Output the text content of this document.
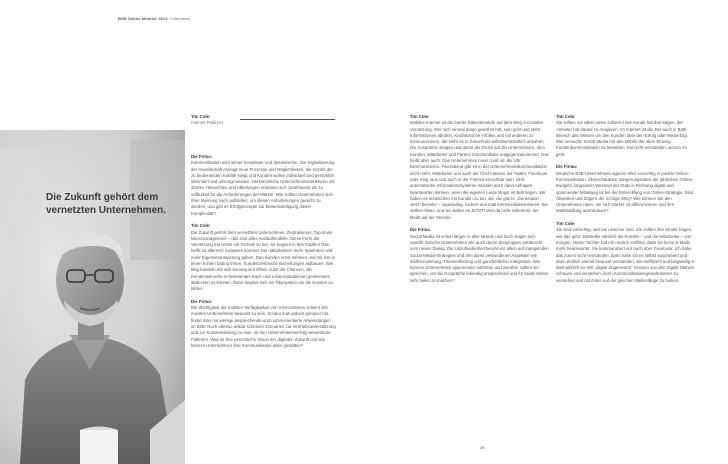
B2B Online Monitor 2012 / Interviews
Die Zukunft gehört dem vernetzten Unternehmen.
Tim Cole:
Internet Publizist

Die Firma:

Kommunikation wird immer komplexer und dynamischer. Die Digitalisierung der Gesellschaft erzeugt neue Prozesse und Möglichkeiten, die Anzahl der zu bedienenden Kanäle steigt und Kunden wollen individuell und persönlich informiert und umsorgt werden. Herkömmliche Unternehmensstrukturen mit starren Hierarchien und Abteilungen erweisen sich zunehmend als zu unflexibel für die Anforderungen der Märkte. Wie sollten Unternehmen sich Ihrer Meinung nach aufstellen, um diesen Anforderungen gerecht zu werden, und gibt es Erfolgsrezepte zur Bewerkstelligung dieser Komplexität?

Tim Cole:

Die Zukunft gehört dem vernetzten Unternehmen. Zentralismus, Top-down, Micromanagement – das sind alles Auslaufmodelle. Diese Form der Vernetzung hat nichts mit Technik zu tun, sie beginnt in den Köpfen! Das heißt zu allererst: loslassen können! Den Mitarbeitern mehr Spielraum und mehr Eigenverantwortung geben. Den Kunden ernst nehmen und mit ihm in einen echten Dialog treten. Kundenzentrische Beziehungen aufbauen. Wer klug handelt und sich konsequent öffnet, nutzt die Chancen, die Kundenwünsche in bestimmten Kauf- und Lebenssituationen gemeinsam abdecken zu können. Dann beginnt sich ein Ökosystem um die Kunden zu bilden.

Die Firma:

Die Wichtigkeit der mobilen Verfügbarkeit von Informationen scheint den meisten Unternehmen bewusst zu sein. Schaut man jedoch genauer hin, findet man nur wenige ansprechende und nutzerorientierte Anwendungen im B2B. Noch ebenso unklar scheinen Szenarien zur Vertriebsunterstützung und zur Kundenbindung zu sein. Ist den Unternehmenserfolg wesentliche Faktoren. Was ist Ihre persönliche Vision der digitalen Zukunft und wie können Unternehmen ihre Kommunikation darin gestalten?

Tim Cole:

Mobiles Internet ist die zweite Rakentenstufe auf dem Weg zur totalen Vernetzung. Wer sich einmal daran gewöhnt hat, sein geht und steht Informationen abrufen, Kaufwünsche erfüllen und mit anderen zu kommunizieren, der sieht es in Zukunft als selbstverständlich ansehen. Die Ansprüche steigen und damit der Druck auf die Unternehmen, dem Kunden, Mitarbeiter und Partner kommunikativ entgegenzukommen. Das heißt aber auch: Das Unternehmen muss rund um die Uhr kommunizieren. Feierabend gibt es in der Unternehmenskommunikation nicht mehr. Mitarbeiter und auch der Chef müssen auf Twitter, Facebook oder Xing raus und auch in der Freizeit erreichbar sein. Und automatische Informationssysteme müssen auch dann Anfragen beantworten können, wenn die eigenen Leute längst im Bett liegen. Wir haben es inzwischen mit Kunden zu tun, die, die ganze „Generation Jetzt“ beziehe – ungeduldig, fordern und total kommunikationsbereit. Sie wollen etwas, und sie wollen es JETZT! Wer da nicht mitkommt, der bleibt auf der Strecke.

Die Firma:

Social Media ist schon länger in aller Munde und doch zeigen sich sowohl manche Unternehmen wie auch deren Zielgruppen enttäuscht vom neuen Dialog. Die Unzufriedenheit beruht vor allem auf mangelnden Social-Media-Strategien und den damit verbundenen Aspekten wie Zielformulierung, Themenfindung und ganzheitlicher Integration. Wie können Unternehmen spannender auftreten und worüber sollten sie sprechen, um die Gespräche lebendig ansprechend und für beide Seiten sehr heller zu machen?

Tim Cole:

Sie sollten vor allem eines zuhören! Der Kunde hat das Sagen, der Anbieter hat darauf zu reagieren. Im Internet ist die Zeit auch in B2B-Bereich das Wissen um den Kunden über den Erfolg oder Misserfolg. Wer versucht, Social Media mit den Mitteln der alten Einweg-Kundenkommunikation zu betreiben, hat nicht verstanden, worum es geht.

Die Firma:

Deutsche B2B-Unternehmen agieren eher vorsichtig in punkto Online-Kommunikation. Überschaubare Steigerungsraten der jährlichen Online-Budgets, langsamer Wechsel der Etats in Richtung digital und spannender Mittelweg ist bei der Entwicklung von Online-Strategie. Sind Abwarten und Zögern der richtige Weg? Wie können Sie den Unternehmen raten, um sich stärker zu differenzieren und ihre Marktstellung auszubauen?

Tim Cole:

Sie sind vorsichtig, weil sie unsicher sind. Sie sollten ihre Kinder fragen, wie das geht. Dasselbe nämlich die Kunden – und die Mitarbeiter – von morgen. Meine Tochter hat mir neulich eröffnet, dass sie keine E-Mails mehr beantwortet. Sie kommuniziert nur noch über Facebook. Ich habe das zuerst nicht verstanden, dann habe ich es selbst ausprobiert und dann endlich einmal bewusst verstanden, wie ineffizient und langweilig E-Mail wirklich ist. Wir „digital Zugereisten“ müssen von den Digital Natives schauen und verstehen, denn Kommunikationsgewohnheiten zu verstehen und mit ihnen auf der gleichen Wellenlänge zu funken.

45
